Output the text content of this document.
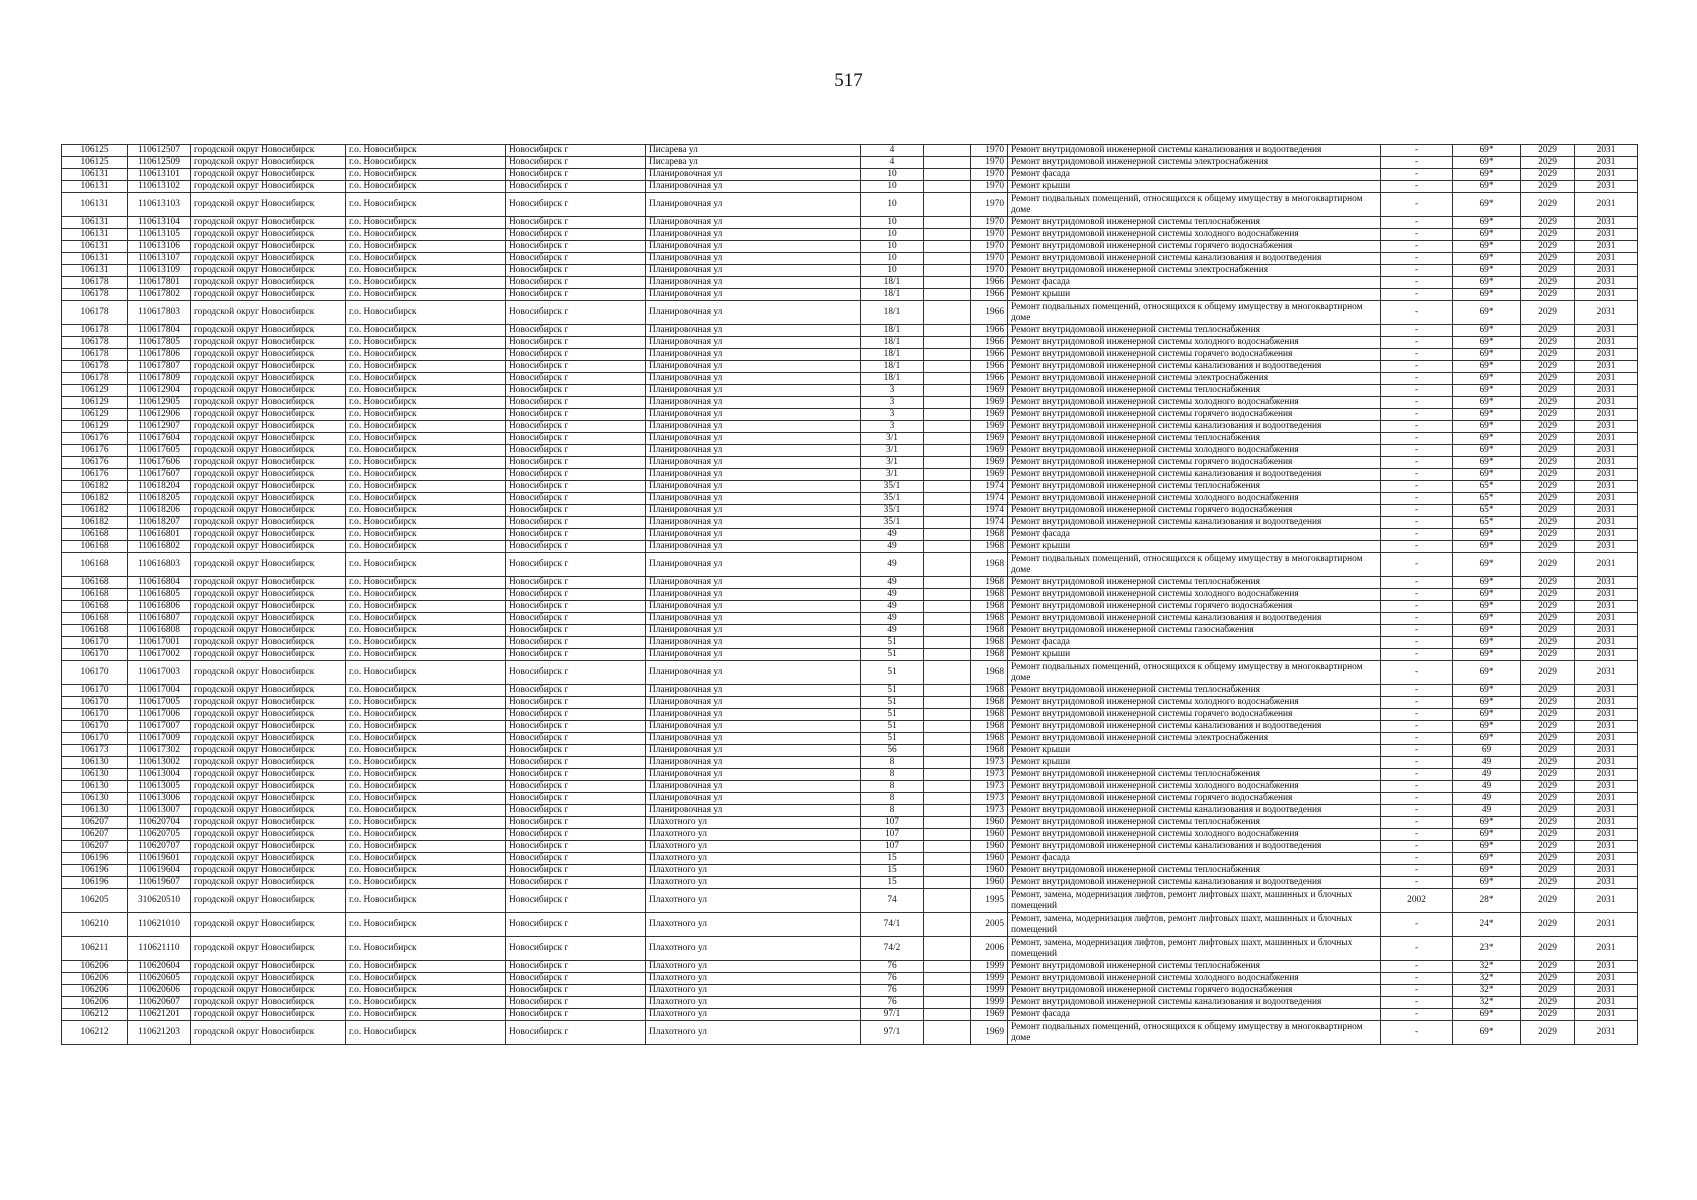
517
106125	110612507	городской округ Новосибирск	г.о. Новосибирск	Новосибирск г	Писарева ул	4		1970	Ремонт внутридомовой инженерной системы канализования и водоотведения	-	69*	2029	2031
106125	110612509	городской округ Новосибирск	г.о. Новосибирск	Новосибирск г	Писарева ул	4		1970	Ремонт внутридомовой инженерной системы электроснабжения	-	69*	2029	2031
106131	110613101	городской округ Новосибирск	г.о. Новосибирск	Новосибирск г	Планировочная ул	10		1970	Ремонт фасада	-	69*	2029	2031
106131	110613102	городской округ Новосибирск	г.о. Новосибирск	Новосибирск г	Планировочная ул	10		1970	Ремонт крыши	-	69*	2029	2031
106131	110613103	городской округ Новосибирск	г.о. Новосибирск	Новосибирск г	Планировочная ул	10		1970	Ремонт подвальных помещений, относящихся к общему имуществу в многоквартирном доме	-	69*	2029	2031
106131	110613104	городской округ Новосибирск	г.о. Новосибирск	Новосибирск г	Планировочная ул	10		1970	Ремонт внутридомовой инженерной системы теплоснабжения	-	69*	2029	2031
106131	110613105	городской округ Новосибирск	г.о. Новосибирск	Новосибирск г	Планировочная ул	10		1970	Ремонт внутридомовой инженерной системы холодного водоснабжения	-	69*	2029	2031
106131	110613106	городской округ Новосибирск	г.о. Новосибирск	Новосибирск г	Планировочная ул	10		1970	Ремонт внутридомовой инженерной системы горячего водоснабжения	-	69*	2029	2031
106131	110613107	городской округ Новосибирск	г.о. Новосибирск	Новосибирск г	Планировочная ул	10		1970	Ремонт внутридомовой инженерной системы канализования и водоотведения	-	69*	2029	2031
106131	110613109	городской округ Новосибирск	г.о. Новосибирск	Новосибирск г	Планировочная ул	10		1970	Ремонт внутридомовой инженерной системы электроснабжения	-	69*	2029	2031
106178	110617801	городской округ Новосибирск	г.о. Новосибирск	Новосибирск г	Планировочная ул	18/1		1966	Ремонт фасада	-	69*	2029	2031
106178	110617802	городской округ Новосибирск	г.о. Новосибирск	Новосибирск г	Планировочная ул	18/1		1966	Ремонт крыши	-	69*	2029	2031
106178	110617803	городской округ Новосибирск	г.о. Новосибирск	Новосибирск г	Планировочная ул	18/1		1966	Ремонт подвальных помещений, относящихся к общему имуществу в многоквартирном доме	-	69*	2029	2031
106178	110617804	городской округ Новосибирск	г.о. Новосибирск	Новосибирск г	Планировочная ул	18/1		1966	Ремонт внутридомовой инженерной системы теплоснабжения	-	69*	2029	2031
106178	110617805	городской округ Новосибирск	г.о. Новосибирск	Новосибирск г	Планировочная ул	18/1		1966	Ремонт внутридомовой инженерной системы холодного водоснабжения	-	69*	2029	2031
106178	110617806	городской округ Новосибирск	г.о. Новосибирск	Новосибирск г	Планировочная ул	18/1		1966	Ремонт внутридомовой инженерной системы горячего водоснабжения	-	69*	2029	2031
106178	110617807	городской округ Новосибирск	г.о. Новосибирск	Новосибирск г	Планировочная ул	18/1		1966	Ремонт внутридомовой инженерной системы канализования и водоотведения	-	69*	2029	2031
106178	110617809	городской округ Новосибирск	г.о. Новосибирск	Новосибирск г	Планировочная ул	18/1		1966	Ремонт внутридомовой инженерной системы электроснабжения	-	69*	2029	2031
106129	110612904	городской округ Новосибирск	г.о. Новосибирск	Новосибирск г	Планировочная ул	3		1969	Ремонт внутридомовой инженерной системы теплоснабжения	-	69*	2029	2031
106129	110612905	городской округ Новосибирск	г.о. Новосибирск	Новосибирск г	Планировочная ул	3		1969	Ремонт внутридомовой инженерной системы холодного водоснабжения	-	69*	2029	2031
106129	110612906	городской округ Новосибирск	г.о. Новосибирск	Новосибирск г	Планировочная ул	3		1969	Ремонт внутридомовой инженерной системы горячего водоснабжения	-	69*	2029	2031
106129	110612907	городской округ Новосибирск	г.о. Новосибирск	Новосибирск г	Планировочная ул	3		1969	Ремонт внутридомовой инженерной системы канализования и водоотведения	-	69*	2029	2031
106176	110617604	городской округ Новосибирск	г.о. Новосибирск	Новосибирск г	Планировочная ул	3/1		1969	Ремонт внутридомовой инженерной системы теплоснабжения	-	69*	2029	2031
106176	110617605	городской округ Новосибирск	г.о. Новосибирск	Новосибирск г	Планировочная ул	3/1		1969	Ремонт внутридомовой инженерной системы холодного водоснабжения	-	69*	2029	2031
106176	110617606	городской округ Новосибирск	г.о. Новосибирск	Новосибирск г	Планировочная ул	3/1		1969	Ремонт внутридомовой инженерной системы горячего водоснабжения	-	69*	2029	2031
106176	110617607	городской округ Новосибирск	г.о. Новосибирск	Новосибирск г	Планировочная ул	3/1		1969	Ремонт внутридомовой инженерной системы канализования и водоотведения	-	69*	2029	2031
106182	110618204	городской округ Новосибирск	г.о. Новосибирск	Новосибирск г	Планировочная ул	35/1		1974	Ремонт внутридомовой инженерной системы теплоснабжения	-	65*	2029	2031
106182	110618205	городской округ Новосибирск	г.о. Новосибирск	Новосибирск г	Планировочная ул	35/1		1974	Ремонт внутридомовой инженерной системы холодного водоснабжения	-	65*	2029	2031
106182	110618206	городской округ Новосибирск	г.о. Новосибирск	Новосибирск г	Планировочная ул	35/1		1974	Ремонт внутридомовой инженерной системы горячего водоснабжения	-	65*	2029	2031
106182	110618207	городской округ Новосибирск	г.о. Новосибирск	Новосибирск г	Планировочная ул	35/1		1974	Ремонт внутридомовой инженерной системы канализования и водоотведения	-	65*	2029	2031
106168	110616801	городской округ Новосибирск	г.о. Новосибирск	Новосибирск г	Планировочная ул	49		1968	Ремонт фасада	-	69*	2029	2031
106168	110616802	городской округ Новосибирск	г.о. Новосибирск	Новосибирск г	Планировочная ул	49		1968	Ремонт крыши	-	69*	2029	2031
106168	110616803	городской округ Новосибирск	г.о. Новосибирск	Новосибирск г	Планировочная ул	49		1968	Ремонт подвальных помещений, относящихся к общему имуществу в многоквартирном доме	-	69*	2029	2031
106168	110616804	городской округ Новосибирск	г.о. Новосибирск	Новосибирск г	Планировочная ул	49		1968	Ремонт внутридомовой инженерной системы теплоснабжения	-	69*	2029	2031
106168	110616805	городской округ Новосибирск	г.о. Новосибирск	Новосибирск г	Планировочная ул	49		1968	Ремонт внутридомовой инженерной системы холодного водоснабжения	-	69*	2029	2031
106168	110616806	городской округ Новосибирск	г.о. Новосибирск	Новосибирск г	Планировочная ул	49		1968	Ремонт внутридомовой инженерной системы горячего водоснабжения	-	69*	2029	2031
106168	110616807	городской округ Новосибирск	г.о. Новосибирск	Новосибирск г	Планировочная ул	49		1968	Ремонт внутридомовой инженерной системы канализования и водоотведения	-	69*	2029	2031
106168	110616808	городской округ Новосибирск	г.о. Новосибирск	Новосибирск г	Планировочная ул	49		1968	Ремонт внутридомовой инженерной системы газоснабжения	-	69*	2029	2031
106170	110617001	городской округ Новосибирск	г.о. Новосибирск	Новосибирск г	Планировочная ул	51		1968	Ремонт фасада	-	69*	2029	2031
106170	110617002	городской округ Новосибирск	г.о. Новосибирск	Новосибирск г	Планировочная ул	51		1968	Ремонт крыши	-	69*	2029	2031
106170	110617003	городской округ Новосибирск	г.о. Новосибирск	Новосибирск г	Планировочная ул	51		1968	Ремонт подвальных помещений, относящихся к общему имуществу в многоквартирном доме	-	69*	2029	2031
106170	110617004	городской округ Новосибирск	г.о. Новосибирск	Новосибирск г	Планировочная ул	51		1968	Ремонт внутридомовой инженерной системы теплоснабжения	-	69*	2029	2031
106170	110617005	городской округ Новосибирск	г.о. Новосибирск	Новосибирск г	Планировочная ул	51		1968	Ремонт внутридомовой инженерной системы холодного водоснабжения	-	69*	2029	2031
106170	110617006	городской округ Новосибирск	г.о. Новосибирск	Новосибирск г	Планировочная ул	51		1968	Ремонт внутридомовой инженерной системы горячего водоснабжения	-	69*	2029	2031
106170	110617007	городской округ Новосибирск	г.о. Новосибирск	Новосибирск г	Планировочная ул	51		1968	Ремонт внутридомовой инженерной системы канализования и водоотведения	-	69*	2029	2031
106170	110617009	городской округ Новосибирск	г.о. Новосибирск	Новосибирск г	Планировочная ул	51		1968	Ремонт внутридомовой инженерной системы электроснабжения	-	69*	2029	2031
106173	110617302	городской округ Новосибирск	г.о. Новосибирск	Новосибирск г	Планировочная ул	56		1968	Ремонт крыши	-	69	2029	2031
106130	110613002	городской округ Новосибирск	г.о. Новосибирск	Новосибирск г	Планировочная ул	8		1973	Ремонт крыши	-	49	2029	2031
106130	110613004	городской округ Новосибирск	г.о. Новосибирск	Новосибирск г	Планировочная ул	8		1973	Ремонт внутридомовой инженерной системы теплоснабжения	-	49	2029	2031
106130	110613005	городской округ Новосибирск	г.о. Новосибирск	Новосибирск г	Планировочная ул	8		1973	Ремонт внутридомовой инженерной системы холодного водоснабжения	-	49	2029	2031
106130	110613006	городской округ Новосибирск	г.о. Новосибирск	Новосибирск г	Планировочная ул	8		1973	Ремонт внутридомовой инженерной системы горячего водоснабжения	-	49	2029	2031
106130	110613007	городской округ Новосибирск	г.о. Новосибирск	Новосибирск г	Планировочная ул	8		1973	Ремонт внутридомовой инженерной системы канализования и водоотведения	-	49	2029	2031
106207	110620704	городской округ Новосибирск	г.о. Новосибирск	Новосибирск г	Плахотного ул	107		1960	Ремонт внутридомовой инженерной системы теплоснабжения	-	69*	2029	2031
106207	110620705	городской округ Новосибирск	г.о. Новосибирск	Новосибирск г	Плахотного ул	107		1960	Ремонт внутридомовой инженерной системы холодного водоснабжения	-	69*	2029	2031
106207	110620707	городской округ Новосибирск	г.о. Новосибирск	Новосибирск г	Плахотного ул	107		1960	Ремонт внутридомовой инженерной системы канализования и водоотведения	-	69*	2029	2031
106196	110619601	городской округ Новосибирск	г.о. Новосибирск	Новосибирск г	Плахотного ул	15		1960	Ремонт фасада	-	69*	2029	2031
106196	110619604	городской округ Новосибирск	г.о. Новосибирск	Новосибирск г	Плахотного ул	15		1960	Ремонт внутридомовой инженерной системы теплоснабжения	-	69*	2029	2031
106196	110619607	городской округ Новосибирск	г.о. Новосибирск	Новосибирск г	Плахотного ул	15		1960	Ремонт внутридомовой инженерной системы канализования и водоотведения	-	69*	2029	2031
106205	310620510	городской округ Новосибирск	г.о. Новосибирск	Новосибирск г	Плахотного ул	74		1995	Ремонт, замена, модернизация лифтов, ремонт лифтовых шахт, машинных и блочных помещений	2002	28*	2029	2031
106210	110621010	городской округ Новосибирск	г.о. Новосибирск	Новосибирск г	Плахотного ул	74/1		2005	Ремонт, замена, модернизация лифтов, ремонт лифтовых шахт, машинных и блочных помещений	-	24*	2029	2031
106211	110621110	городской округ Новосибирск	г.о. Новосибирск	Новосибирск г	Плахотного ул	74/2		2006	Ремонт, замена, модернизация лифтов, ремонт лифтовых шахт, машинных и блочных помещений	-	23*	2029	2031
106206	110620604	городской округ Новосибирск	г.о. Новосибирск	Новосибирск г	Плахотного ул	76		1999	Ремонт внутридомовой инженерной системы теплоснабжения	-	32*	2029	2031
106206	110620605	городской округ Новосибирск	г.о. Новосибирск	Новосибирск г	Плахотного ул	76		1999	Ремонт внутридомовой инженерной системы холодного водоснабжения	-	32*	2029	2031
106206	110620606	городской округ Новосибирск	г.о. Новосибирск	Новосибирск г	Плахотного ул	76		1999	Ремонт внутридомовой инженерной системы горячего водоснабжения	-	32*	2029	2031
106206	110620607	городской округ Новосибирск	г.о. Новосибирск	Новосибирск г	Плахотного ул	76		1999	Ремонт внутридомовой инженерной системы канализования и водоотведения	-	32*	2029	2031
106212	110621201	городской округ Новосибирск	г.о. Новосибирск	Новосибирск г	Плахотного ул	97/1		1969	Ремонт фасада	-	69*	2029	2031
106212	110621203	городской округ Новосибирск	г.о. Новосибирск	Новосибирск г	Плахотного ул	97/1		1969	Ремонт подвальных помещений, относящихся к общему имуществу в многоквартирном доме	-	69*	2029	2031
